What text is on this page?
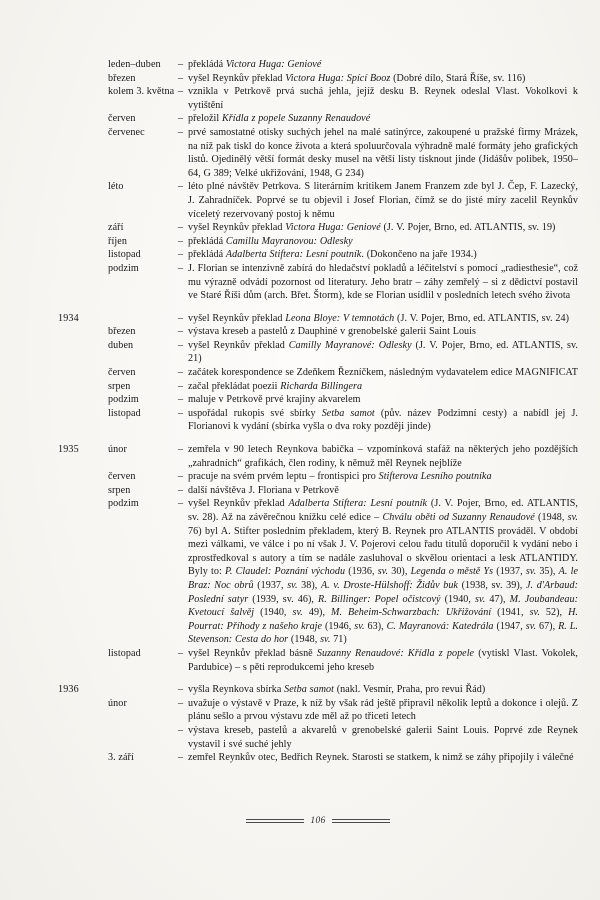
	leden–duben	–	překládá Victora Huga: Geniové
	březen	–	vyšel Reynkův překlad Victora Huga: Spící Booz (Dobré dílo, Stará Říše, sv. 116)
	kolem 3. května	–	vznikla v Petrkově prvá suchá jehla, jejíž desku B. Reynek odeslal Vlast. Vokolkovi k vytištění
	červen	–	přeložil Křídla z popele Suzanny Renaudové
	červenec	–	prvé samostatné otisky suchých jehel na malé satinýrce, zakoupené u pražské firmy Mrázek, na níž pak tiskl do konce života a která spoluurčovala výhradně malé formáty jeho grafických listů. Ojedinělý větší formát desky musel na větší listy tisknout jinde (Jidášův polibek, 1950–64, G 389; Velké ukřižování, 1948, G 234)
	léto	–	léto plné návštěv Petrkova. S literárním kritikem Janem Franzem zde byl J. Čep, F. Lazecký, J. Zahradníček. Poprvé se tu objevil i Josef Florian, čímž se do jisté míry zacelil Reynkův víceletý rezervovaný postoj k němu
	září	–	vyšel Reynkův překlad Victora Huga: Geniové (J. V. Pojer, Brno, ed. ATLANTIS, sv. 19)
	říjen	–	překládá Camillu Mayranovou: Odlesky
	listopad	–	překládá Adalberta Stiftera: Lesní poutník. (Dokončeno na jaře 1934.)
	podzim	–	J. Florian se intenzivně zabírá do hledačství pokladů a léčitelství s pomocí „radiesthesie“, což mu výrazně odvádí pozornost od literatury. Jeho bratr – záhy zemřelý – si z dědictví postavil ve Staré Říši dům (arch. Břet. Štorm), kde se Florian usídlil v posledních letech svého života

1934		–	vyšel Reynkův překlad Leona Bloye: V temnotách (J. V. Pojer, Brno, ed. ATLANTIS, sv. 24)
	březen	–	výstava kreseb a pastelů z Dauphiné v grenobelské galerii Saint Louis
	duben	–	vyšel Reynkův překlad Camilly Mayranové: Odlesky (J. V. Pojer, Brno, ed. ATLANTIS, sv. 21)
	červen	–	začátek korespondence se Zdeňkem Řezníčkem, následným vydavatelem edice MAGNIFICAT
	srpen	–	začal překládat poezii Richarda Billingera
	podzim	–	maluje v Petrkově prvé krajiny akvarelem
	listopad	–	uspořádal rukopis své sbírky Setba samot (pův. název Podzimní cesty) a nabídl jej J. Florianovi k vydání (sbírka vyšla o dva roky později jinde)

1935	únor	–	zemřela v 90 letech Reynkova babička – vzpomínková stafáž na některých jeho pozdějších „zahradních“ grafikách, člen rodiny, k němuž měl Reynek nejblíže
	červen	–	pracuje na svém prvém leptu – frontispici pro Stifterova Lesního poutníka
	srpen	–	další návštěva J. Floriana v Petrkově
	podzim	–	vyšel Reynkův překlad Adalberta Stiftera: Lesní poutník (J. V. Pojer, Brno, ed. ATLANTIS, sv. 28). Až na závěrečnou knížku celé edice – Chválu oběti od Suzanny Renaudové (1948, sv. 76) byl A. Stifter posledním překladem, který B. Reynek pro ATLANTIS prováděl. V období mezi válkami, ve válce i po ní však J. V. Pojerovi celou řadu titulů doporučil k vydání nebo i zprostředkoval s autory a tím se nadále zasluhoval o skvělou orientaci a lesk ATLANTIDY. Byly to: P. Claudel: Poznání východu (1936, sv. 30), Legenda o městě Ys (1937, sv. 35), A. le Braz: Noc obrů (1937, sv. 38), A. v. Droste-Hülshoff: Židův buk (1938, sv. 39), J. d'Arbaud: Poslední satyr (1939, sv. 46), R. Billinger: Popel očistcový (1940, sv. 47), M. Joubandeau: Kvetoucí šalvěj (1940, sv. 49), M. Beheim-Schwarzbach: Ukřižování (1941, sv. 52), H. Pourrat: Příhody z našeho kraje (1946, sv. 63), C. Mayranová: Katedrála (1947, sv. 67), R. L. Stevenson: Cesta do hor (1948, sv. 71)
	listopad	–	vyšel Reynkův překlad básně Suzanny Renaudové: Křídla z popele (vytiskl Vlast. Vokolek, Pardubice) – s pěti reprodukcemi jeho kreseb

1936		–	vyšla Reynkova sbírka Setba samot (nakl. Vesmír, Praha, pro revui Řád)
	únor	–	uvažuje o výstavě v Praze, k níž by však rád ještě připravil několik leptů a dokonce i olejů. Z plánu sešlo a prvou výstavu zde měl až po třiceti letech
		–	výstava kreseb, pastelů a akvarelů v grenobelské galerii Saint Louis. Poprvé zde Reynek vystavil i své suché jehly
	3. září	–	zemřel Reynkův otec, Bedřich Reynek. Starosti se statkem, k nimž se záhy připojily i válečné
106
